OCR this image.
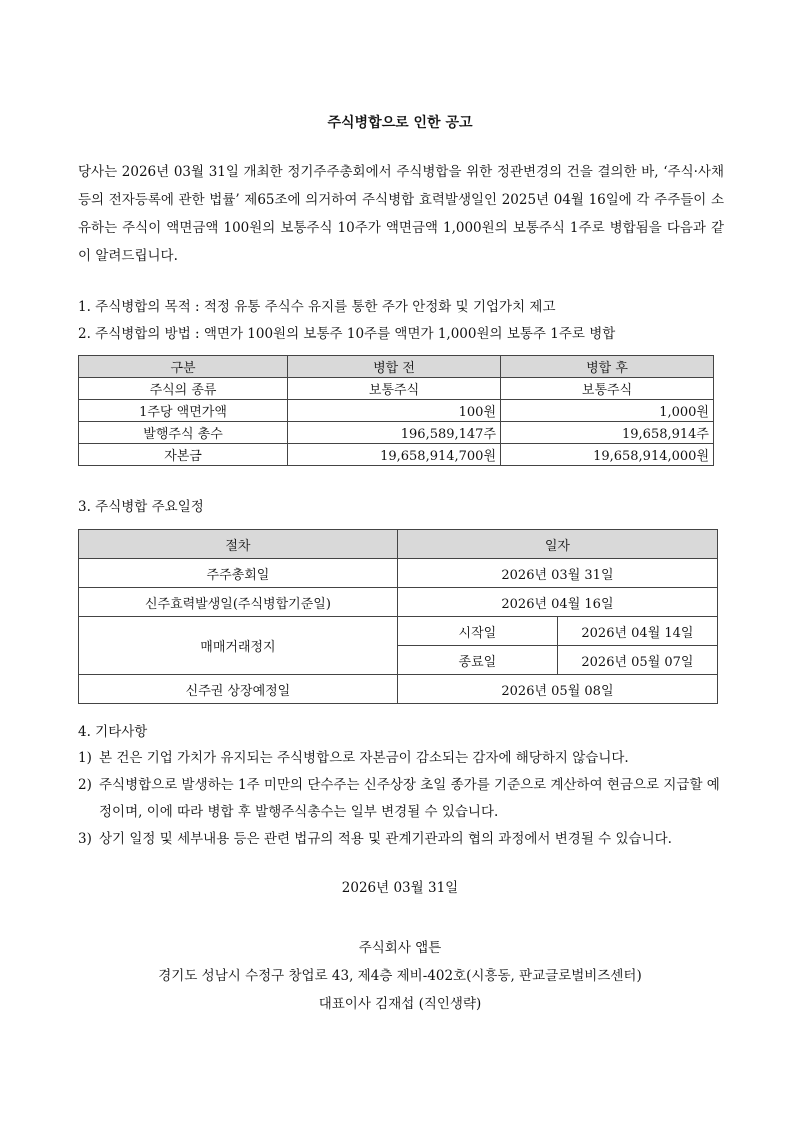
주식병합으로 인한 공고
당사는 2026년 03월 31일 개최한 정기주주총회에서 주식병합을 위한 정관변경의 건을 결의한 바, ‘주식·사채 등의 전자등록에 관한 법률’ 제65조에 의거하여 주식병합 효력발생일인 2025년 04월 16일에 각 주주들이 소유하는 주식이 액면금액 100원의 보통주식 10주가 액면금액 1,000원의 보통주식 1주로 병합됨을 다음과 같이 알려드립니다.
1. 주식병합의 목적 : 적정 유통 주식수 유지를 통한 주가 안정화 및 기업가치 제고
2. 주식병합의 방법 : 액면가 100원의 보통주 10주를 액면가 1,000원의 보통주 1주로 병합
구분	병합 전	병합 후
주식의 종류	보통주식	보통주식
1주당 액면가액	100원	1,000원
발행주식 총수	196,589,147주	19,658,914주
자본금	19,658,914,700원	19,658,914,000원
3. 주식병합 주요일정
절차	일자	
주주총회일	2026년 03월 31일	
신주효력발생일(주식병합기준일)	2026년 04월 16일	
매매거래정지	시작일	2026년 04월 14일
	종료일	2026년 05월 07일
신주권 상장예정일	2026년 05월 08일	
4. 기타사항
1) 본 건은 기업 가치가 유지되는 주식병합으로 자본금이 감소되는 감자에 해당하지 않습니다.
2) 주식병합으로 발생하는 1주 미만의 단수주는 신주상장 초일 종가를 기준으로 계산하여 현금으로 지급할 예정이며, 이에 따라 병합 후 발행주식총수는 일부 변경될 수 있습니다.
3) 상기 일정 및 세부내용 등은 관련 법규의 적용 및 관계기관과의 협의 과정에서 변경될 수 있습니다.
2026년 03월 31일
주식회사 앱튼
경기도 성남시 수정구 창업로 43, 제4층 제비-402호(시흥동, 판교글로벌비즈센터)
대표이사 김재섭 (직인생략)
